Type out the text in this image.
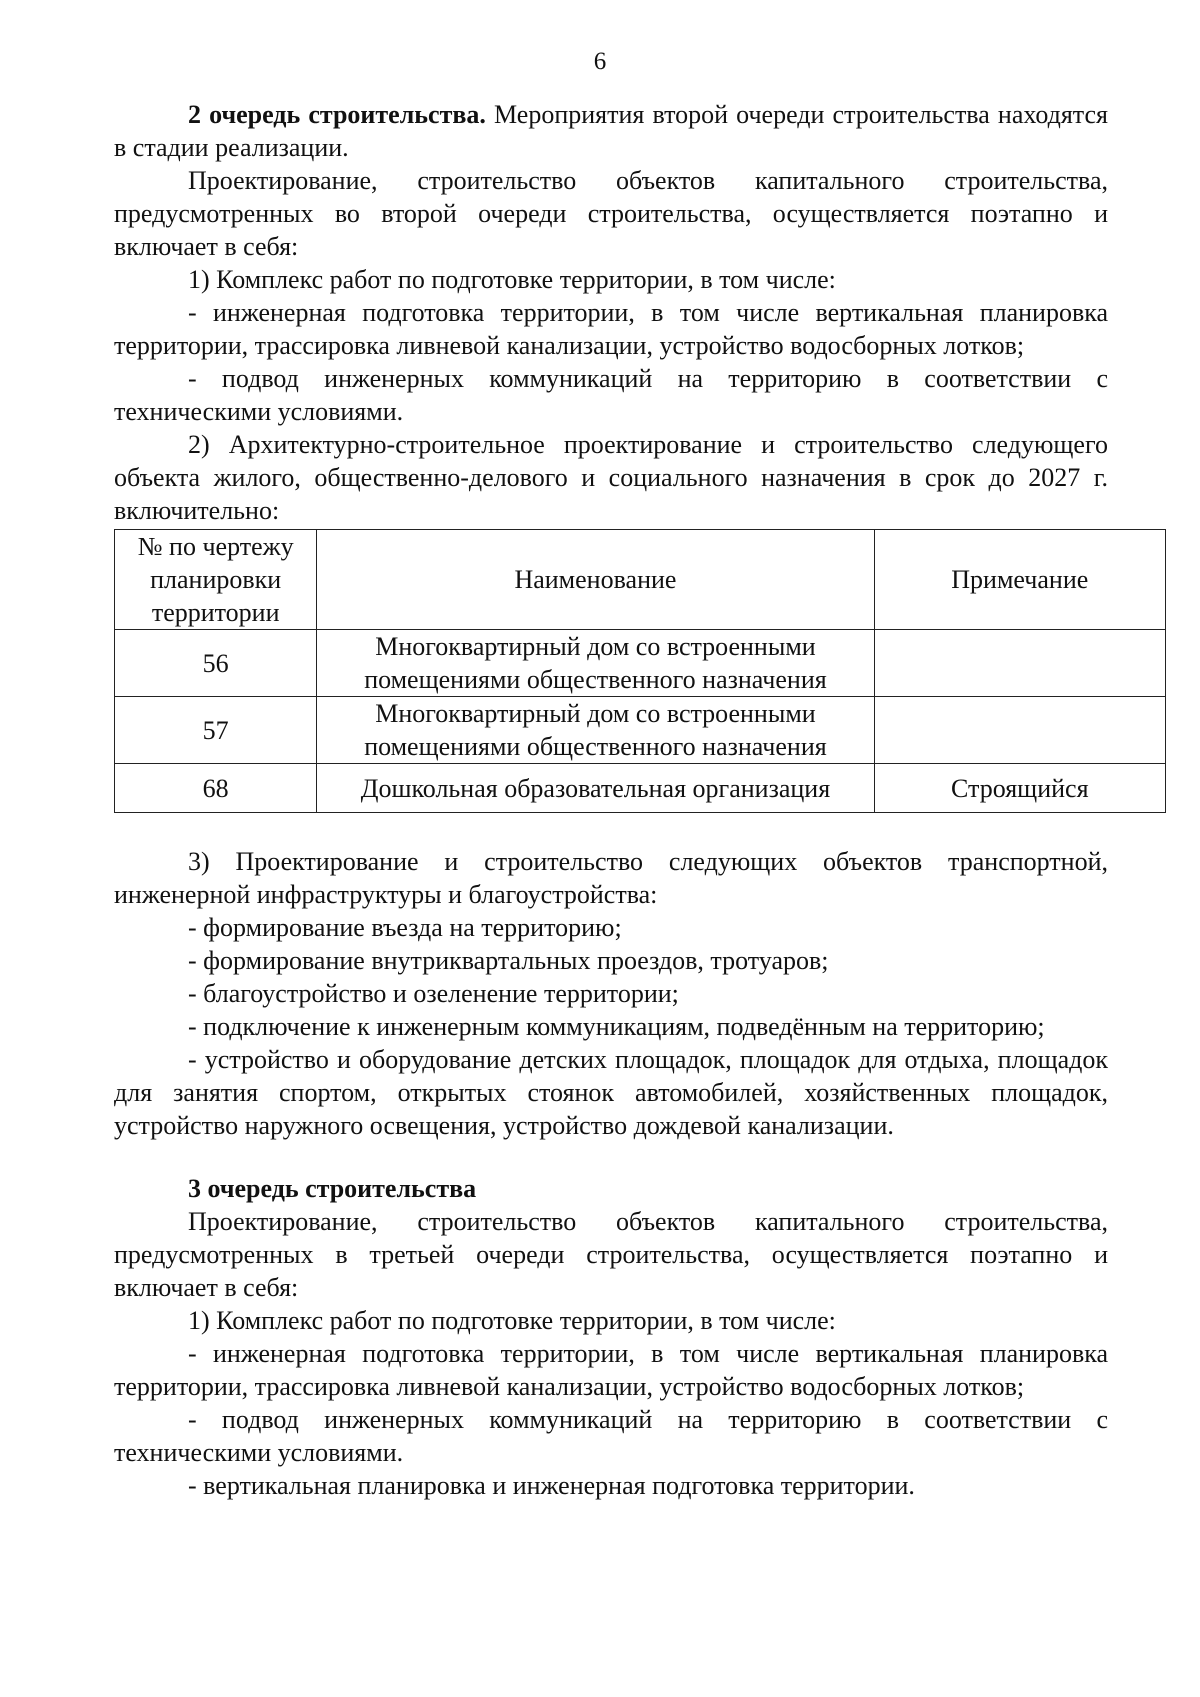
6

2 очередь строительства. Мероприятия второй очереди строительства находятся в стадии реализации.

Проектирование, строительство объектов капитального строительства, предусмотренных во второй очереди строительства, осуществляется поэтапно и включает в себя:

1) Комплекс работ по подготовке территории, в том числе:

- инженерная подготовка территории, в том числе вертикальная планировка территории, трассировка ливневой канализации, устройство водосборных лотков;

- подвод инженерных коммуникаций на территорию в соответствии с техническими условиями.

2) Архитектурно-строительное проектирование и строительство следующего объекта жилого, общественно-делового и социального назначения в срок до 2027 г. включительно:

№ по чертежу планировки территории	Наименование	Примечание
56	Многоквартирный дом со встроенными помещениями общественного назначения	
57	Многоквартирный дом со встроенными помещениями общественного назначения	
68	Дошкольная образовательная организация	Строящийся

3) Проектирование и строительство следующих объектов транспортной, инженерной инфраструктуры и благоустройства:

- формирование въезда на территорию;

- формирование внутриквартальных проездов, тротуаров;

- благоустройство и озеленение территории;

- подключение к инженерным коммуникациям, подведённым на территорию;

- устройство и оборудование детских площадок, площадок для отдыха, площадок для занятия спортом, открытых стоянок автомобилей, хозяйственных площадок, устройство наружного освещения, устройство дождевой канализации.

3 очередь строительства

Проектирование, строительство объектов капитального строительства, предусмотренных в третьей очереди строительства, осуществляется поэтапно и включает в себя:

1) Комплекс работ по подготовке территории, в том числе:

- инженерная подготовка территории, в том числе вертикальная планировка территории, трассировка ливневой канализации, устройство водосборных лотков;

- подвод инженерных коммуникаций на территорию в соответствии с техническими условиями.

- вертикальная планировка и инженерная подготовка территории.
